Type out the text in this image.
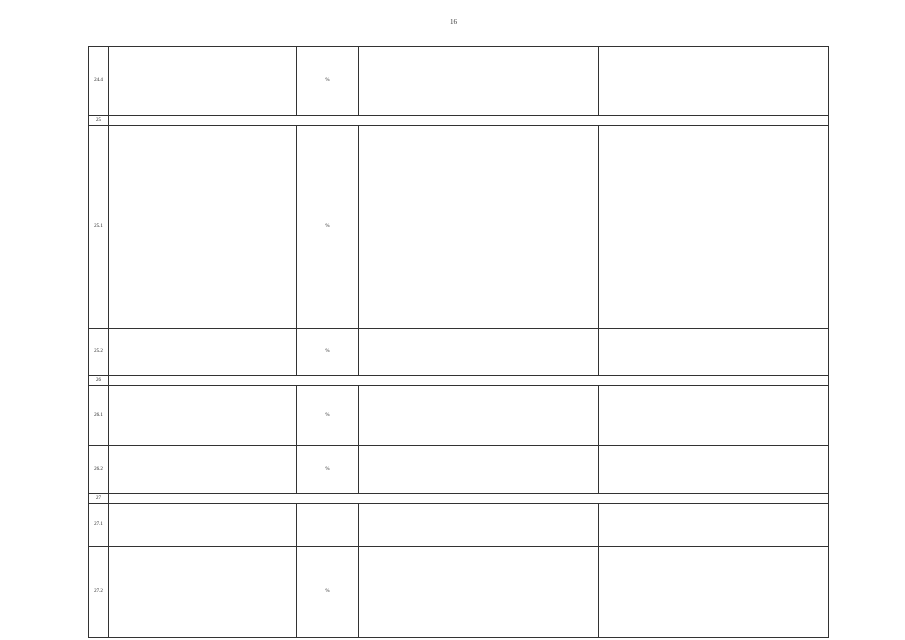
16
24.4		%		
25				
25.1		%		
25.2		%		
26				
26.1		%		
26.2		%		
27				
27.1				
27.2		%		
